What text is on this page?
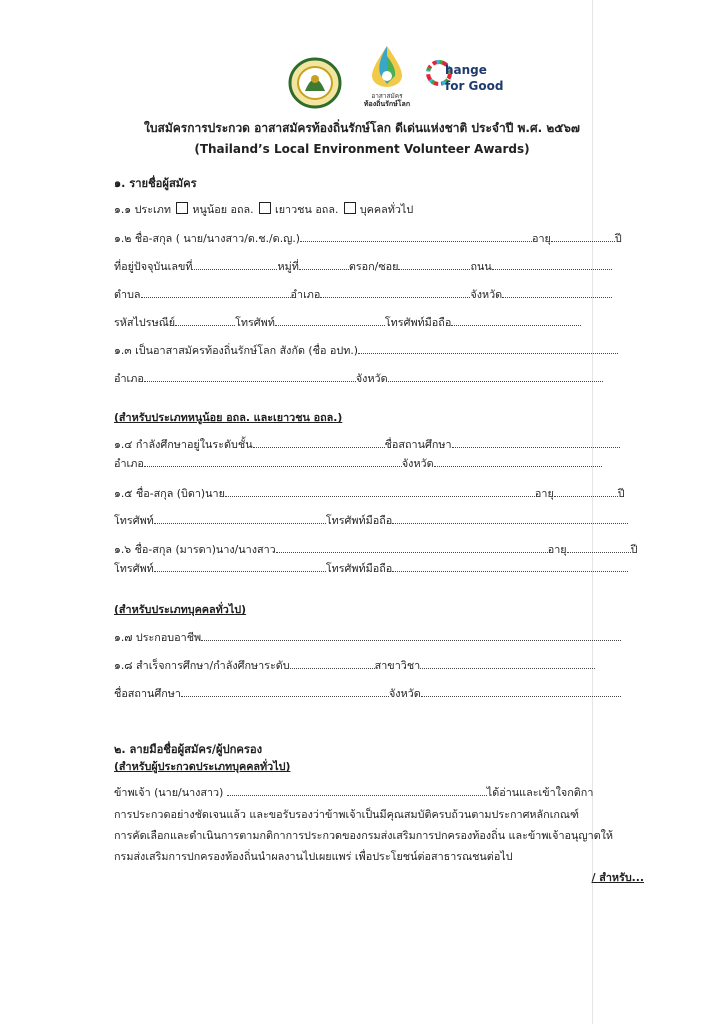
อาสาสมัคร
ท้องถิ่นรักษ์โลก
hange
for Good
ใบสมัครการประกวด อาสาสมัครท้องถิ่นรักษ์โลก ดีเด่นแห่งชาติ ประจำปี พ.ศ. ๒๕๖๗
(Thailand’s Local Environment Volunteer Awards)
๑. รายชื่อผู้สมัคร
๑.๑ ประเภท หนูน้อย อถล. เยาวชน อถล. บุคคลทั่วไป
๑.๒ ชื่อ-สกุล ( นาย/นางสาว/ด.ช./ด.ญ.)	อายุ	ปี
ที่อยู่ปัจจุบันเลขที่	หมู่ที่	ตรอก/ซอย	ถนน
ตำบล	อำเภอ	จังหวัด
รหัสไปรษณีย์	โทรศัพท์	โทรศัพท์มือถือ
๑.๓ เป็นอาสาสมัครท้องถิ่นรักษ์โลก สังกัด (ชื่อ อปท.)
อำเภอ	จังหวัด
(สำหรับประเภทหนูน้อย อถล. และเยาวชน อถล.)
๑.๔ กำลังศึกษาอยู่ในระดับชั้น	ชื่อสถานศึกษา
อำเภอ	จังหวัด
๑.๕ ชื่อ-สกุล (บิดา)นาย	อายุ	ปี
โทรศัพท์	โทรศัพท์มือถือ
๑.๖ ชื่อ-สกุล (มารดา)นาง/นางสาว	อายุ	ปี
โทรศัพท์	โทรศัพท์มือถือ
(สำหรับประเภทบุคคลทั่วไป)
๑.๗ ประกอบอาชีพ
๑.๘ สำเร็จการศึกษา/กำลังศึกษาระดับ	สาขาวิชา
ชื่อสถานศึกษา	จังหวัด
๒. ลายมือชื่อผู้สมัคร/ผู้ปกครอง
(สำหรับผู้ประกวดประเภทบุคคลทั่วไป)
ข้าพเจ้า (นาย/นางสาว)	ได้อ่านและเข้าใจกติกา
การประกวดอย่างชัดเจนแล้ว และขอรับรองว่าข้าพเจ้าเป็นมีคุณสมบัติครบถ้วนตามประกาศหลักเกณฑ์
การคัดเลือกและดำเนินการตามกติกาการประกวดของกรมส่งเสริมการปกครองท้องถิ่น และข้าพเจ้าอนุญาตให้
กรมส่งเสริมการปกครองท้องถิ่นนำผลงานไปเผยแพร่ เพื่อประโยชน์ต่อสาธารณชนต่อไป
/ สำหรับ...
